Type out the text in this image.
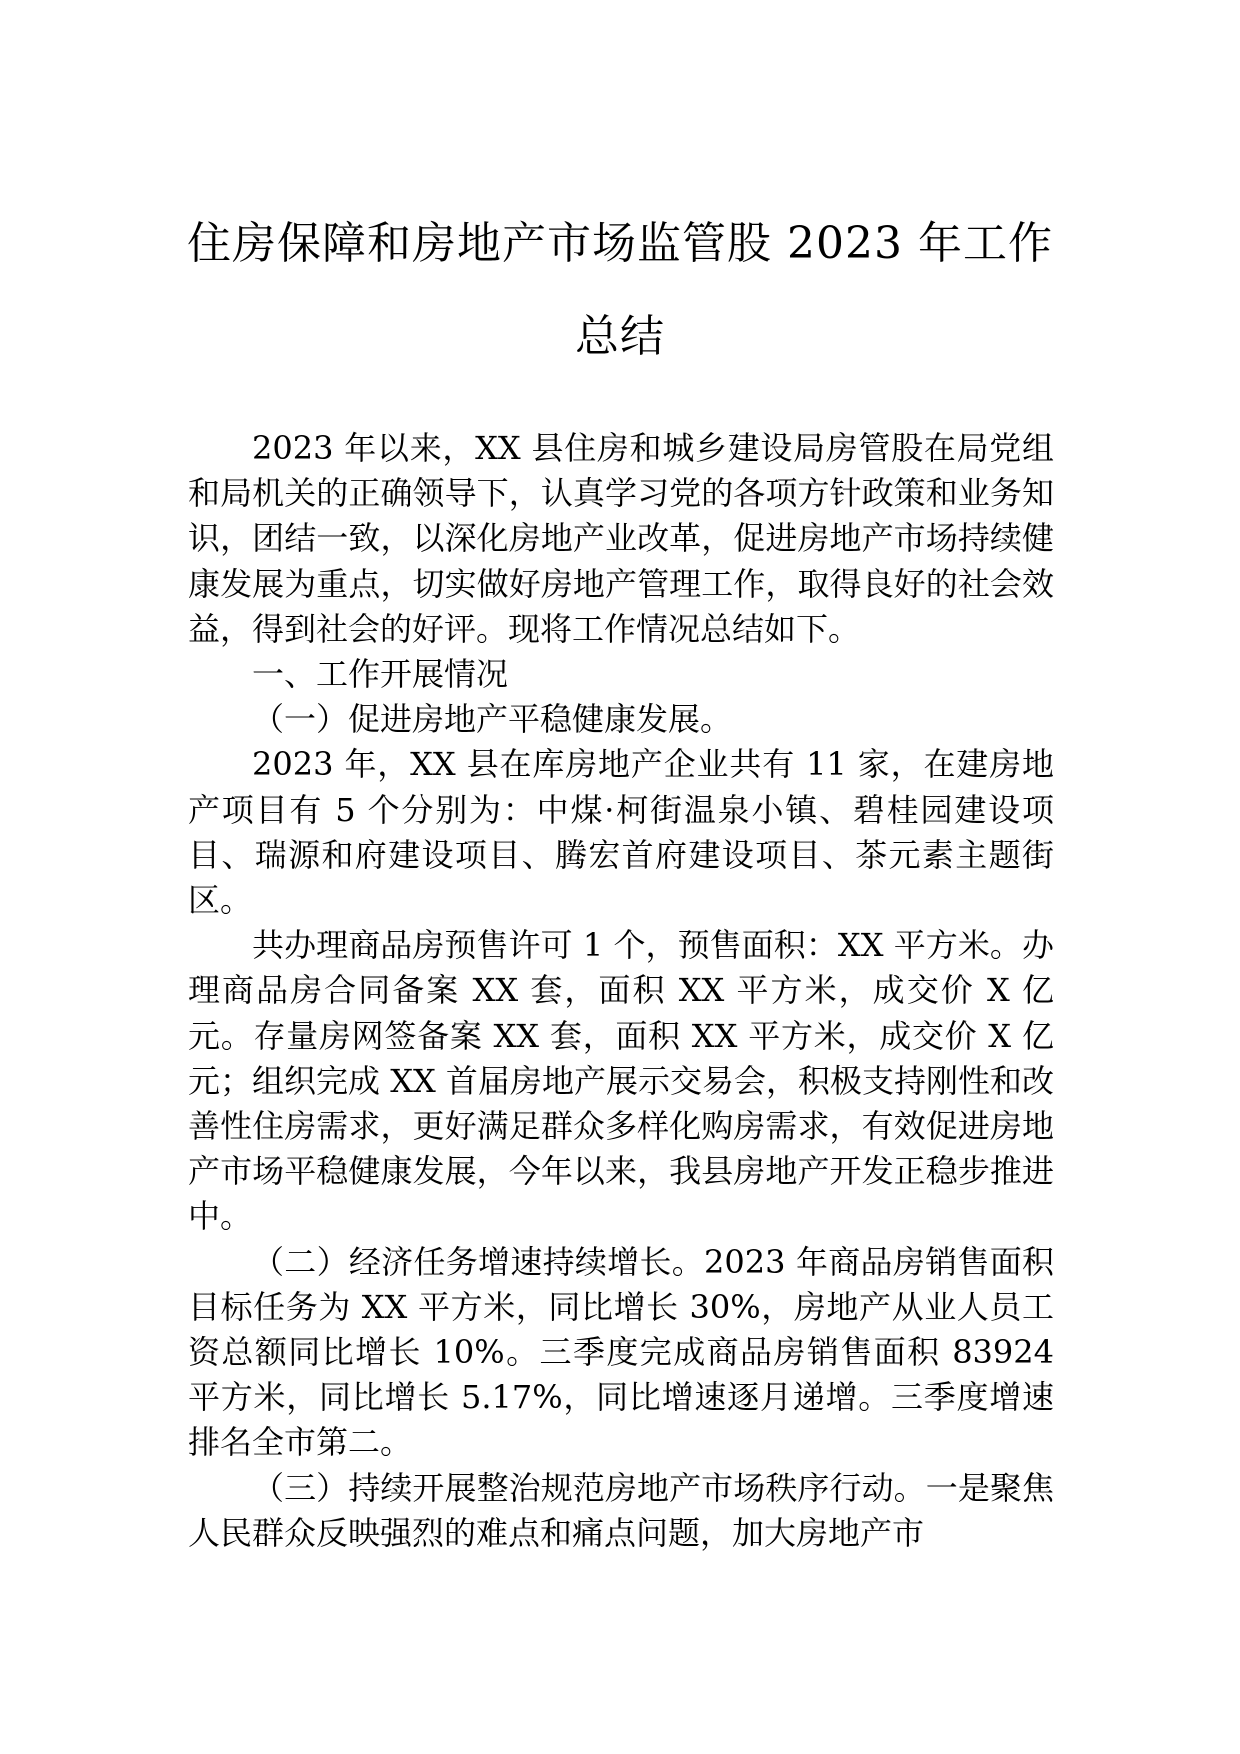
住房保障和房地产市场监管股 2023 年工作
总结

2023 年以来，XX 县住房和城乡建设局房管股在局党组和局机关的正确领导下，认真学习党的各项方针政策和业务知识，团结一致，以深化房地产业改革，促进房地产市场持续健康发展为重点，切实做好房地产管理工作，取得良好的社会效益，得到社会的好评。现将工作情况总结如下。

一、工作开展情况

（一）促进房地产平稳健康发展。

2023 年，XX 县在库房地产企业共有 11 家，在建房地产项目有 5 个分别为：中煤·柯街温泉小镇、碧桂园建设项目、瑞源和府建设项目、腾宏首府建设项目、茶元素主题街区。

共办理商品房预售许可 1 个，预售面积：XX 平方米。办理商品房合同备案 XX 套，面积 XX 平方米，成交价 X 亿元。存量房网签备案 XX 套，面积 XX 平方米，成交价 X 亿元；组织完成 XX 首届房地产展示交易会，积极支持刚性和改善性住房需求，更好满足群众多样化购房需求，有效促进房地产市场平稳健康发展，今年以来，我县房地产开发正稳步推进中。

（二）经济任务增速持续增长。2023 年商品房销售面积目标任务为 XX 平方米，同比增长 30%，房地产从业人员工资总额同比增长 10%。三季度完成商品房销售面积 83924 平方米，同比增长 5.17%，同比增速逐月递增。三季度增速排名全市第二。

（三）持续开展整治规范房地产市场秩序行动。一是聚焦人民群众反映强烈的难点和痛点问题，加大房地产市
